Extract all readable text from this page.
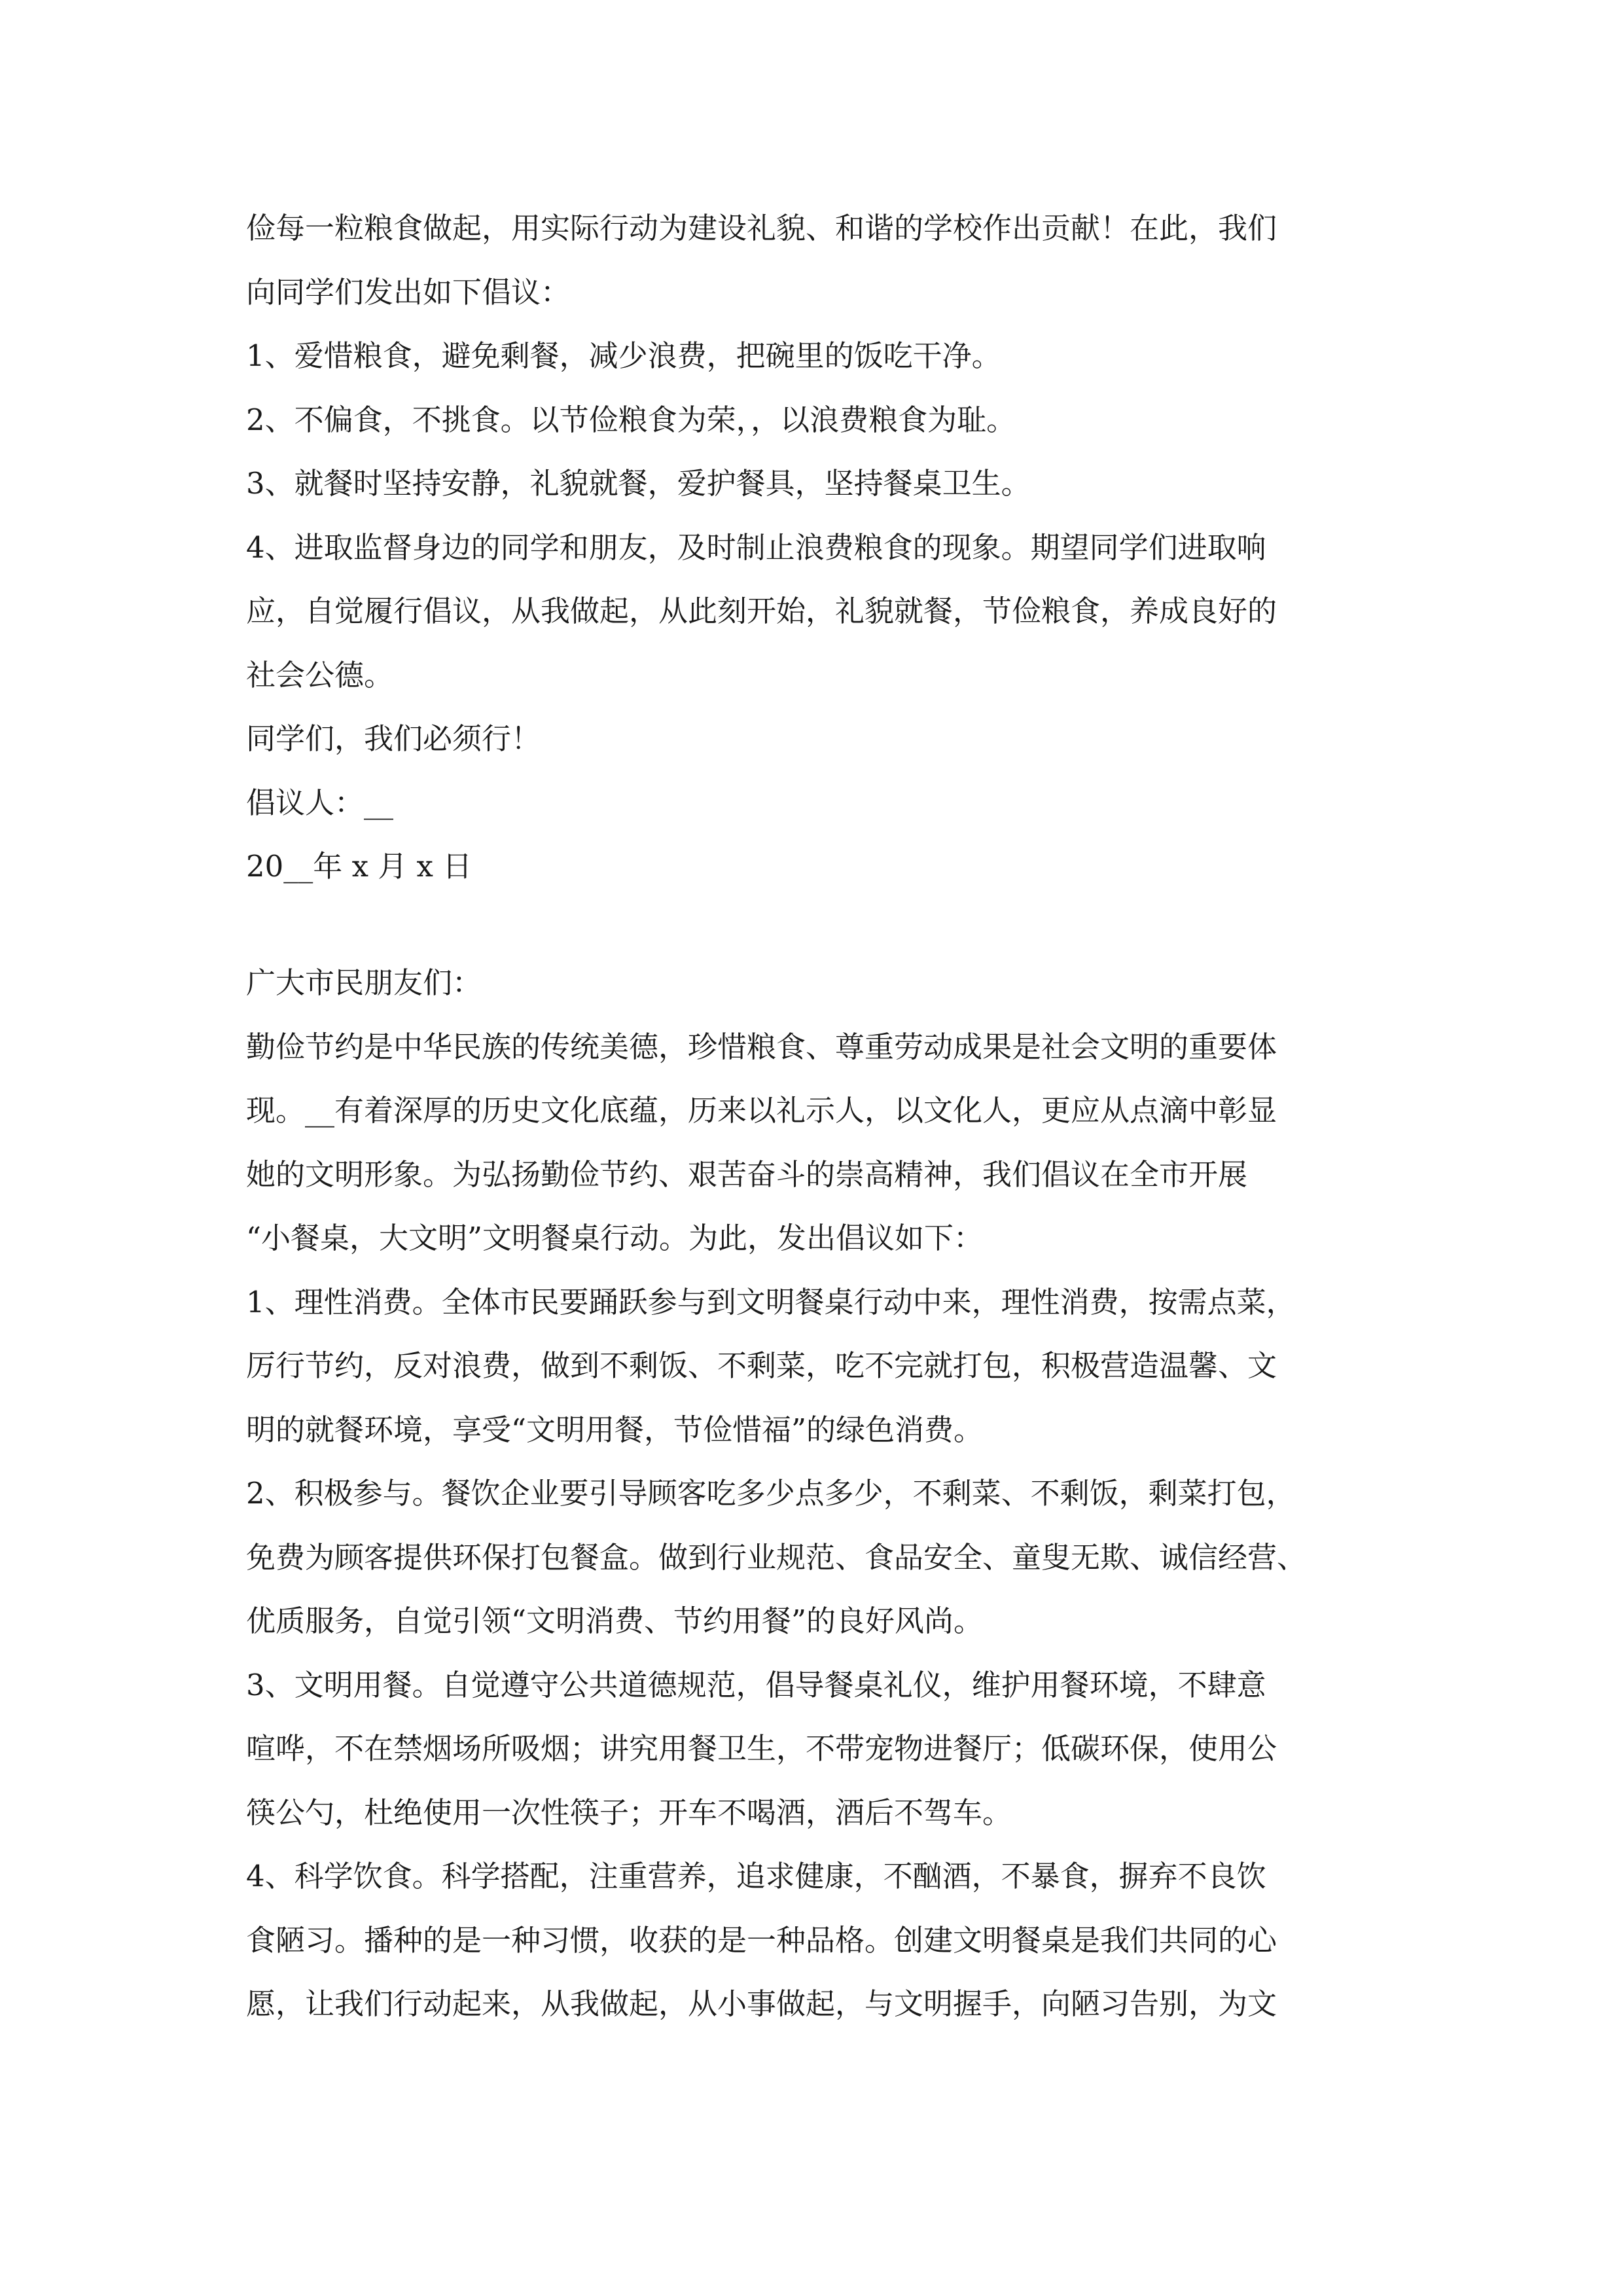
俭每一粒粮食做起，用实际行动为建设礼貌、和谐的学校作出贡献！在此，我们
向同学们发出如下倡议：
1、爱惜粮食，避免剩餐，减少浪费，把碗里的饭吃干净。
2、不偏食，不挑食。以节俭粮食为荣，，以浪费粮食为耻。
3、就餐时坚持安静，礼貌就餐，爱护餐具，坚持餐桌卫生。
4、进取监督身边的同学和朋友，及时制止浪费粮食的现象。期望同学们进取响
应，自觉履行倡议，从我做起，从此刻开始，礼貌就餐，节俭粮食，养成良好的
社会公德。
同学们，我们必须行！
倡议人：__
20__年 x 月 x 日
广大市民朋友们：
勤俭节约是中华民族的传统美德，珍惜粮食、尊重劳动成果是社会文明的重要体
现。__有着深厚的历史文化底蕴，历来以礼示人，以文化人，更应从点滴中彰显
她的文明形象。为弘扬勤俭节约、艰苦奋斗的崇高精神，我们倡议在全市开展
“小餐桌，大文明”文明餐桌行动。为此，发出倡议如下：
1、理性消费。全体市民要踊跃参与到文明餐桌行动中来，理性消费，按需点菜，
厉行节约，反对浪费，做到不剩饭、不剩菜，吃不完就打包，积极营造温馨、文
明的就餐环境，享受“文明用餐，节俭惜福”的绿色消费。
2、积极参与。餐饮企业要引导顾客吃多少点多少，不剩菜、不剩饭，剩菜打包，
免费为顾客提供环保打包餐盒。做到行业规范、食品安全、童叟无欺、诚信经营、
优质服务，自觉引领“文明消费、节约用餐”的良好风尚。
3、文明用餐。自觉遵守公共道德规范，倡导餐桌礼仪，维护用餐环境，不肆意
喧哗，不在禁烟场所吸烟；讲究用餐卫生，不带宠物进餐厅；低碳环保，使用公
筷公勺，杜绝使用一次性筷子；开车不喝酒，酒后不驾车。
4、科学饮食。科学搭配，注重营养，追求健康，不酗酒，不暴食，摒弃不良饮
食陋习。播种的是一种习惯，收获的是一种品格。创建文明餐桌是我们共同的心
愿，让我们行动起来，从我做起，从小事做起，与文明握手，向陋习告别，为文
